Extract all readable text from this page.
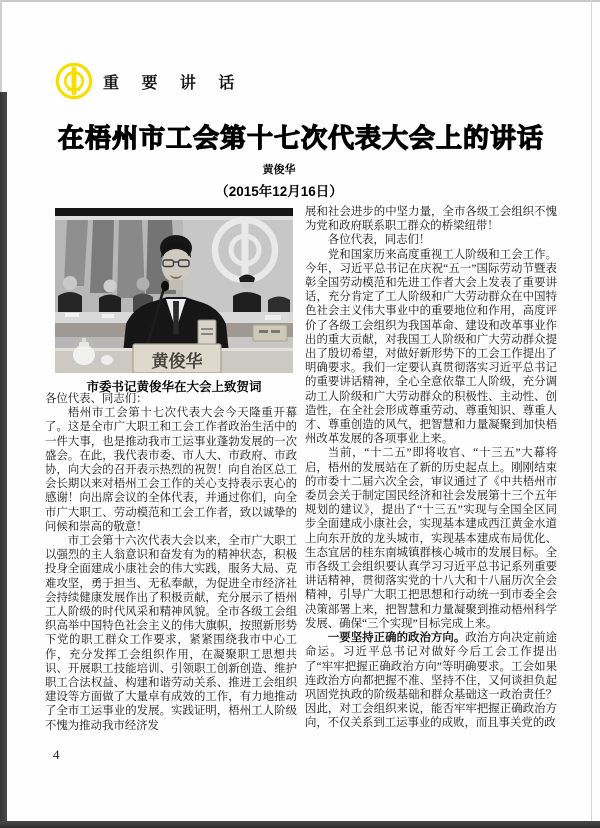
重 要 讲 话
在梧州市工会第十七次代表大会上的讲话
黄俊华
（2015年12月16日）
黄俊华
市委书记黄俊华在大会上致贺词

各位代表、同志们：

梧州市工会第十七次代表大会今天隆重开幕了。这是全市广大职工和工会工作者政治生活中的一件大事，也是推动我市工运事业蓬勃发展的一次盛会。在此，我代表市委、市人大、市政府、市政协，向大会的召开表示热烈的祝贺！向自治区总工会长期以来对梧州工会工作的关心支持表示衷心的感谢！向出席会议的全体代表，并通过你们，向全市广大职工、劳动模范和工会工作者，致以诚挚的问候和崇高的敬意！

市工会第十六次代表大会以来，全市广大职工以强烈的主人翁意识和奋发有为的精神状态，积极投身全面建成小康社会的伟大实践，服务大局、克难攻坚，勇于担当、无私奉献，为促进全市经济社会持续健康发展作出了积极贡献，充分展示了梧州工人阶级的时代风采和精神风貌。全市各级工会组织高举中国特色社会主义的伟大旗帜，按照新形势下党的职工群众工作要求，紧紧围绕我市中心工作，充分发挥工会组织作用，在凝聚职工思想共识、开展职工技能培训、引领职工创新创造、维护职工合法权益、构建和谐劳动关系、推进工会组织建设等方面做了大量卓有成效的工作，有力地推动了全市工运事业的发展。实践证明，梧州工人阶级不愧为推动我市经济发

展和社会进步的中坚力量，全市各级工会组织不愧为党和政府联系职工群众的桥梁纽带！

各位代表，同志们！

党和国家历来高度重视工人阶级和工会工作。今年，习近平总书记在庆祝“五一”国际劳动节暨表彰全国劳动模范和先进工作者大会上发表了重要讲话，充分肯定了工人阶级和广大劳动群众在中国特色社会主义伟大事业中的重要地位和作用，高度评价了各级工会组织为我国革命、建设和改革事业作出的重大贡献，对我国工人阶级和广大劳动群众提出了殷切希望，对做好新形势下的工会工作提出了明确要求。我们一定要认真贯彻落实习近平总书记的重要讲话精神，全心全意依靠工人阶级，充分调动工人阶级和广大劳动群众的积极性、主动性、创造性，在全社会形成尊重劳动、尊重知识、尊重人才、尊重创造的风气，把智慧和力量凝聚到加快梧州改革发展的各项事业上来。

当前，“十二五”即将收官、“十三五”大幕将启，梧州的发展站在了新的历史起点上。刚刚结束的市委十二届六次全会，审议通过了《中共梧州市委员会关于制定国民经济和社会发展第十三个五年规划的建议》，提出了“十三五”实现与全国全区同步全面建成小康社会，实现基本建成西江黄金水道上向东开放的龙头城市，实现基本建成布局优化、生态宜居的桂东南城镇群核心城市的发展目标。全市各级工会组织要认真学习习近平总书记系列重要讲话精神，贯彻落实党的十八大和十八届历次全会精神，引导广大职工把思想和行动统一到市委全会决策部署上来，把智慧和力量凝聚到推动梧州科学发展、确保“三个实现”目标完成上来。

一要坚持正确的政治方向。政治方向决定前途命运。习近平总书记对做好今后工会工作提出了“牢牢把握正确政治方向”等明确要求。工会如果连政治方向都把握不准、坚持不住，又何谈担负起巩固党执政的阶级基础和群众基础这一政治责任？因此，对工会组织来说，能否牢牢把握正确政治方向，不仅关系到工运事业的成败，而且事关党的政

4
